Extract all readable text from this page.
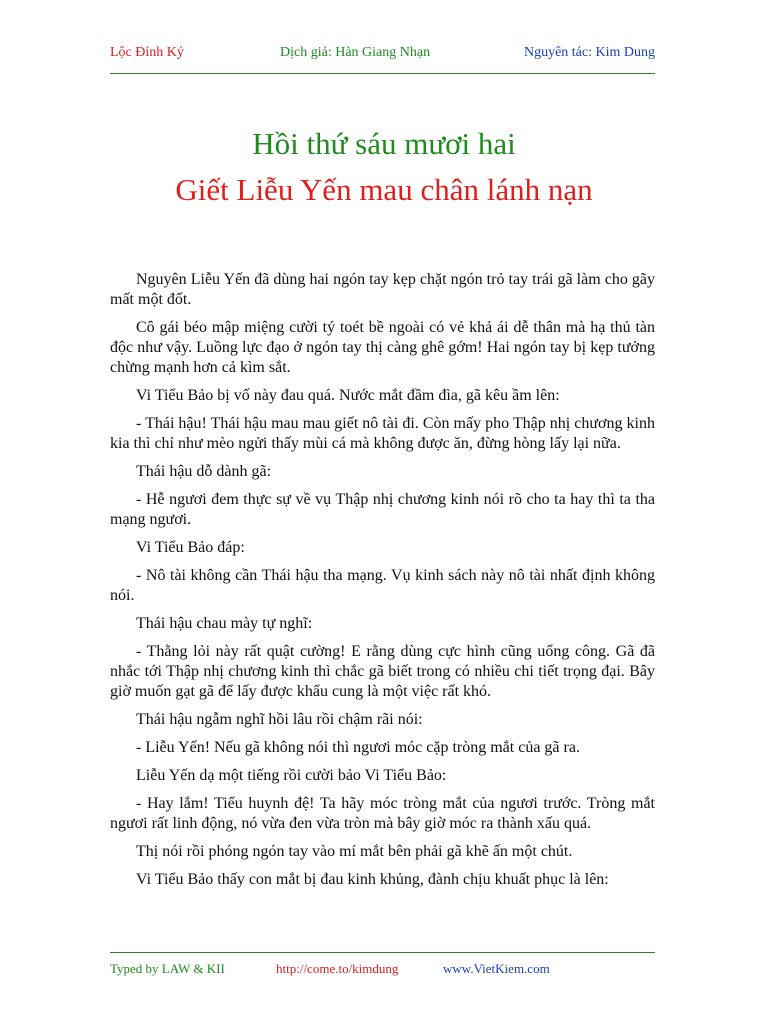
Lộc Đỉnh Ký	Dịch giả: Hàn Giang Nhạn	Nguyên tác: Kim Dung
Hồi thứ sáu mươi hai
Giết Liễu Yến mau chân lánh nạn

Nguyên Liễu Yến đã dùng hai ngón tay kẹp chặt ngón trỏ tay trái gã làm cho gãy mất một đốt.

Cô gái béo mập miệng cười tý toét bề ngoài có vẻ khả ái dễ thân mà hạ thủ tàn độc như vậy. Luồng lực đạo ở ngón tay thị càng ghê gớm! Hai ngón tay bị kẹp tưởng chừng mạnh hơn cả kìm sắt.

Vi Tiểu Bảo bị vố này đau quá. Nước mắt đầm đìa, gã kêu ầm lên:

- Thái hậu! Thái hậu mau mau giết nô tài đi. Còn mấy pho Thập nhị chương kinh kia thì chỉ như mèo ngửi thấy mùi cá mà không được ăn, đừng hòng lấy lại nữa.

Thái hậu dỗ dành gã:

- Hễ ngươi đem thực sự về vụ Thập nhị chương kinh nói rõ cho ta hay thì ta tha mạng ngươi.

Vi Tiểu Bảo đáp:

- Nô tài không cần Thái hậu tha mạng. Vụ kinh sách này nô tài nhất định không nói.

Thái hậu chau mày tự nghĩ:

- Thằng lỏi này rất quật cường! E rằng dùng cực hình cũng uổng công. Gã đã nhắc tới Thập nhị chương kinh thì chắc gã biết trong có nhiều chi tiết trọng đại. Bây giờ muốn gạt gã để lấy được khẩu cung là một việc rất khó.

Thái hậu ngẫm nghĩ hồi lâu rồi chậm rãi nói:

- Liễu Yến! Nếu gã không nói thì ngươi móc cặp tròng mắt của gã ra.

Liễu Yến dạ một tiếng rồi cười bảo Vi Tiểu Bảo:

- Hay lắm! Tiểu huynh đệ! Ta hãy móc tròng mắt của ngươi trước. Tròng mắt ngươi rất linh động, nó vừa đen vừa tròn mà bây giờ móc ra thành xấu quá.

Thị nói rồi phóng ngón tay vào mí mắt bên phải gã khẽ ấn một chút.

Vi Tiểu Bảo thấy con mắt bị đau kinh khủng, đành chịu khuất phục là lên:

Typed by LAW & KII	http://come.to/kimdung	www.VietKiem.com
